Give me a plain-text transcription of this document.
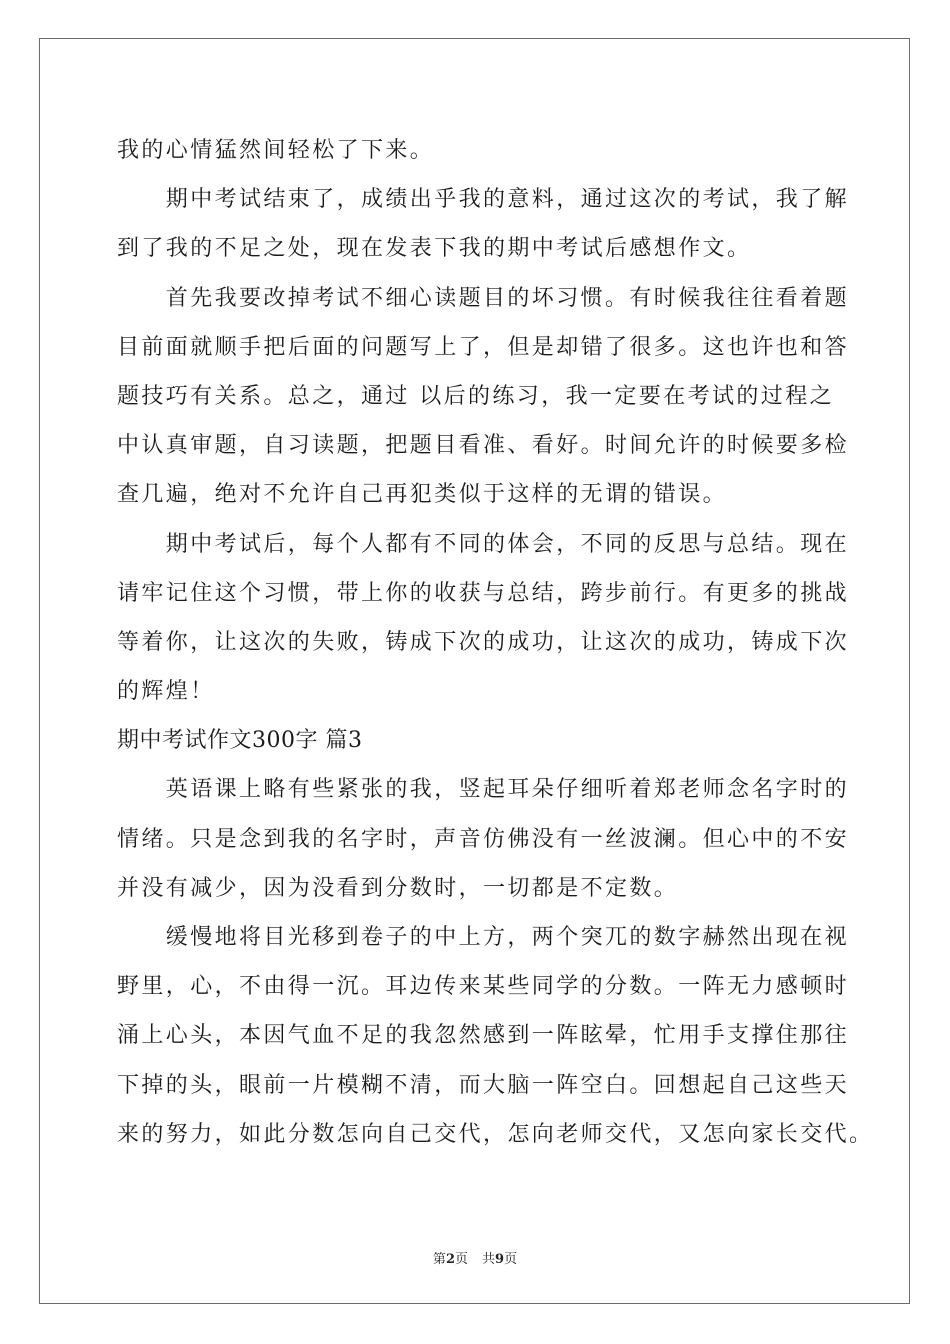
我的心情猛然间轻松了下来。
　　期中考试结束了，成绩出乎我的意料，通过这次的考试，我了解
到了我的不足之处，现在发表下我的期中考试后感想作文。
　　首先我要改掉考试不细心读题目的坏习惯。有时候我往往看着题
目前面就顺手把后面的问题写上了，但是却错了很多。这也许也和答
题技巧有关系。总之，通过 以后的练习，我一定要在考试的过程之
中认真审题，自习读题，把题目看准、看好。时间允许的时候要多检
查几遍，绝对不允许自己再犯类似于这样的无谓的错误。
　　期中考试后，每个人都有不同的体会，不同的反思与总结。现在
请牢记住这个习惯，带上你的收获与总结，跨步前行。有更多的挑战
等着你，让这次的失败，铸成下次的成功，让这次的成功，铸成下次
的辉煌！
期中考试作文300字 篇3
　　英语课上略有些紧张的我，竖起耳朵仔细听着郑老师念名字时的
情绪。只是念到我的名字时，声音仿佛没有一丝波澜。但心中的不安
并没有减少，因为没看到分数时，一切都是不定数。
　　缓慢地将目光移到卷子的中上方，两个突兀的数字赫然出现在视
野里，心，不由得一沉。耳边传来某些同学的分数。一阵无力感顿时
涌上心头，本因气血不足的我忽然感到一阵眩晕，忙用手支撑住那往
下掉的头，眼前一片模糊不清，而大脑一阵空白。回想起自己这些天
来的努力，如此分数怎向自己交代，怎向老师交代，又怎向家长交代。
第2页 共9页
